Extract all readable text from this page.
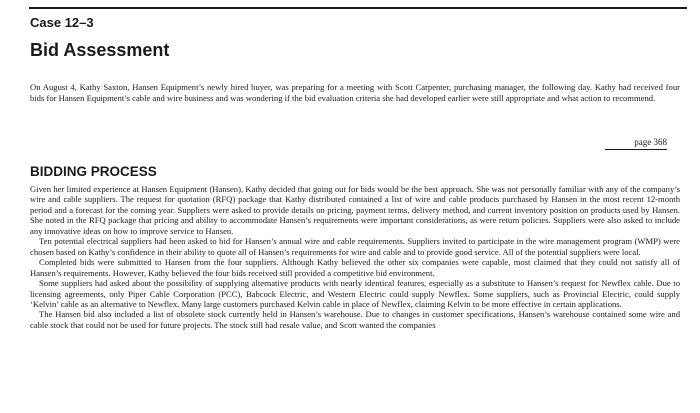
Case 12–3
Bid Assessment

On August 4, Kathy Saxton, Hansen Equipment’s newly hired buyer, was preparing for a meeting with Scott Carpenter, purchasing manager, the following day. Kathy had received four bids for Hansen Equipment’s cable and wire business and was wondering if the bid evaluation criteria she had developed earlier were still appropriate and what action to recommend.

page 368
BIDDING PROCESS

Given her limited experience at Hansen Equipment (Hansen), Kathy decided that going out for bids would be the best approach. She was not personally familiar with any of the company’s wire and cable suppliers. The request for quotation (RFQ) package that Kathy distributed contained a list of wire and cable products purchased by Hansen in the most recent 12-month period and a forecast for the coming year. Suppliers were asked to provide details on pricing, payment terms, delivery method, and current inventory position on products used by Hansen. She noted in the RFQ package that pricing and ability to accommodate Hansen’s requirements were important considerations, as were return policies. Suppliers were also asked to include any innovative ideas on how to improve service to Hansen.

Ten potential electrical suppliers had been asked to bid for Hansen’s annual wire and cable requirements. Suppliers invited to participate in the wire management program (WMP) were chosen based on Kathy’s confidence in their ability to quote all of Hansen’s requirements for wire and cable and to provide good service. All of the potential suppliers were local.

Completed bids were submitted to Hansen from the four suppliers. Although Kathy believed the other six companies were capable, most claimed that they could not satisfy all of Hansen’s requirements. However, Kathy believed the four bids received still provided a competitive bid environment.

Some suppliers had asked about the possibility of supplying alternative products with nearly identical features, especially as a substitute to Hansen’s request for Newflex cable. Due to licensing agreements, only Piper Cable Corporation (PCC), Babcock Electric, and Western Electric could supply Newflex. Some suppliers, such as Provincial Electric, could supply ‘Kelvin’ cable as an alternative to Newflex. Many large customers purchased Kelvin cable in place of Newflex, claiming Kelvin to be more effective in certain applications.

The Hansen bid also included a list of obsolete stock currently held in Hansen’s warehouse. Due to changes in customer specifications, Hansen’s warehouse contained some wire and cable stock that could not be used for future projects. The stock still had resale value, and Scott wanted the companies
